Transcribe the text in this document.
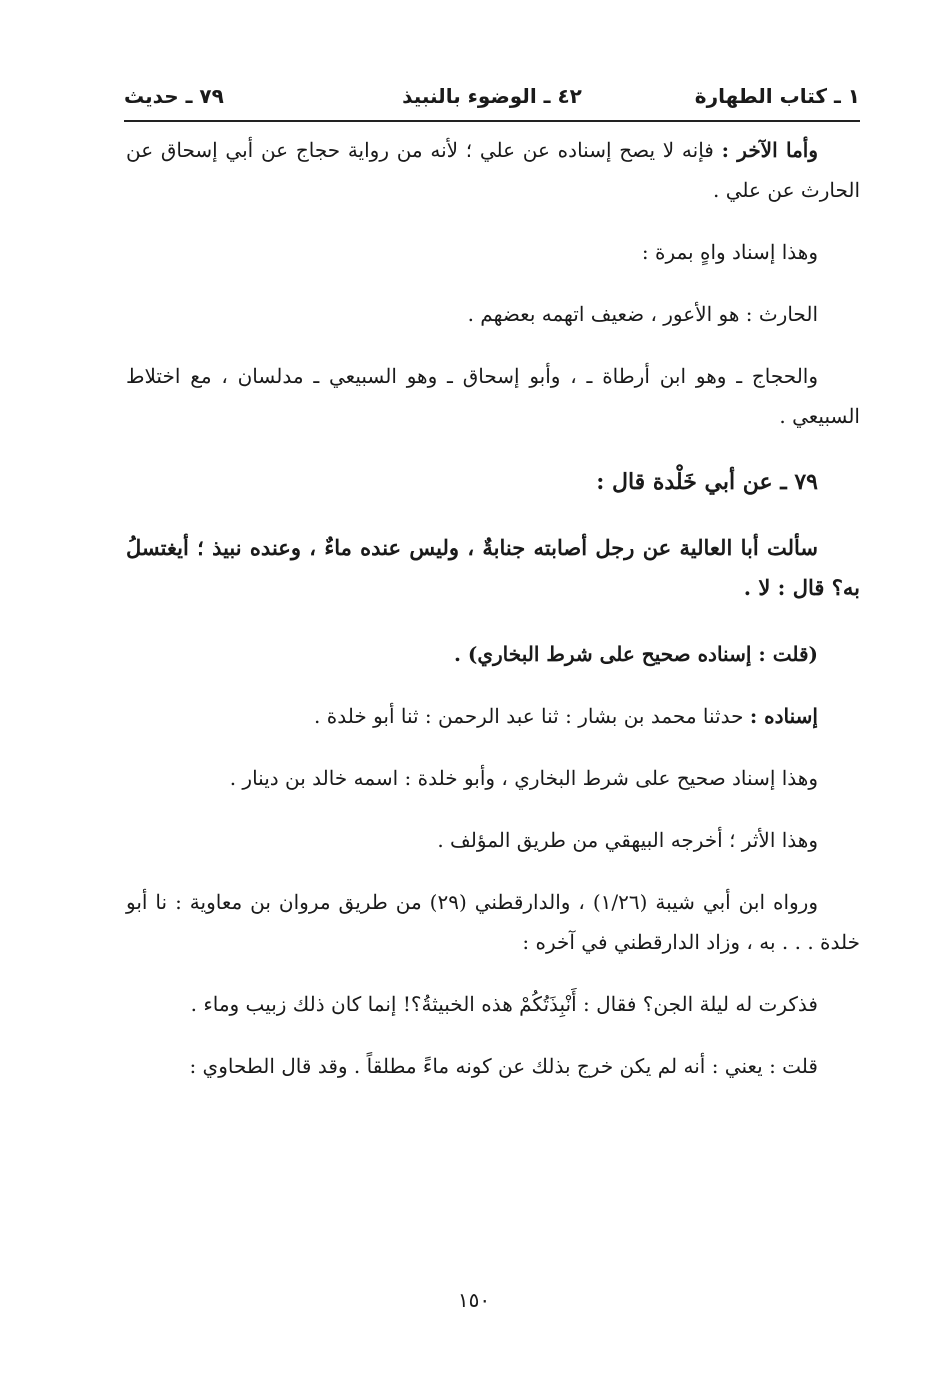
١ ـ كتاب الطهارة
٤٢ ـ الوضوء بالنبيذ
٧٩ ـ حديث

وأما الآخر : فإنه لا يصح إسناده عن علي ؛ لأنه من رواية حجاج عن أبي إسحاق عن الحارث عن علي .

وهذا إسناد واهٍ بمرة :

الحارث : هو الأعور ، ضعيف اتهمه بعضهم .

والحجاج ـ وهو ابن أرطاة ـ ، وأبو إسحاق ـ وهو السبيعي ـ مدلسان ، مع اختلاط السبيعي .

٧٩ ـ عن أبي خَلْدة قال :

سألت أبا العالية عن رجل أصابته جنابةٌ ، وليس عنده ماءٌ ، وعنده نبيذ ؛ أيغتسلُ به؟ قال : لا .

(قلت : إسناده صحيح على شرط البخاري) .

إسناده : حدثنا محمد بن بشار : ثنا عبد الرحمن : ثنا أبو خلدة .

وهذا إسناد صحيح على شرط البخاري ، وأبو خلدة : اسمه خالد بن دينار .

وهذا الأثر ؛ أخرجه البيهقي من طريق المؤلف .

ورواه ابن أبي شيبة (١/٢٦) ، والدارقطني (٢٩) من طريق مروان بن معاوية : نا أبو خلدة . . . به ، وزاد الدارقطني في آخره :

فذكرت له ليلة الجن؟ فقال : أَنْبِذَتُكُمْ هذه الخبيثةُ؟! إنما كان ذلك زبيب وماء .

قلت : يعني : أنه لم يكن خرج بذلك عن كونه ماءً مطلقاً . وقد قال الطحاوي :

١٥٠
